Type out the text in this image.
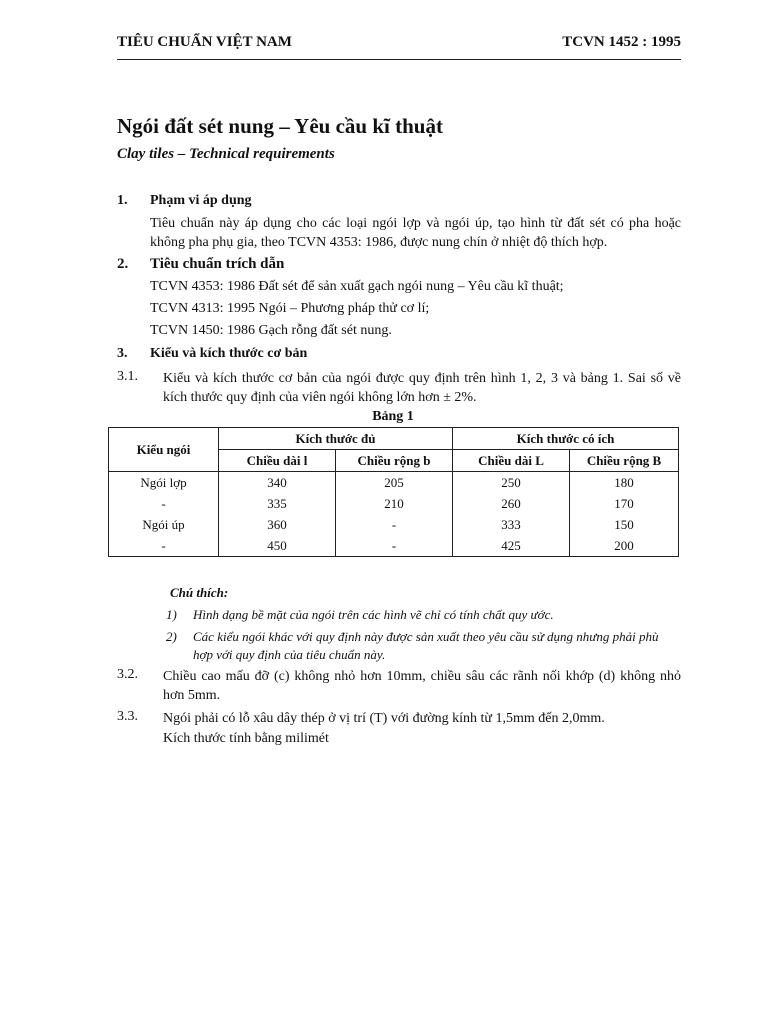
TIÊU CHUẨN VIỆT NAM	TCVN 1452 : 1995
Ngói đất sét nung – Yêu cầu kĩ thuật
Clay tiles – Technical requirements
1. Phạm vi áp dụng
Tiêu chuẩn này áp dụng cho các loại ngói lợp và ngói úp, tạo hình từ đất sét có pha hoặc không pha phụ gia, theo TCVN 4353: 1986, được nung chín ở nhiệt độ thích hợp.
2. Tiêu chuẩn trích dẫn
TCVN 4353: 1986 Đất sét để sản xuất gạch ngói nung – Yêu cầu kĩ thuật;
TCVN 4313: 1995 Ngói – Phương pháp thử cơ lí;
TCVN 1450: 1986 Gạch rỗng đất sét nung.
3. Kiểu và kích thước cơ bản
3.1. Kiểu và kích thước cơ bản của ngói được quy định trên hình 1, 2, 3 và bảng 1. Sai số về kích thước quy định của viên ngói không lớn hơn ± 2%.
Bảng 1
Kiểu ngói	Kích thước đủ		Kích thước có ích	
	Chiều dài l	Chiều rộng b	Chiều dài L	Chiều rộng B
Ngói lợp	340	205	250	180
-	335	210	260	170
Ngói úp	360	-	333	150
-	450	-	425	200
Chú thích:
1) Hình dạng bề mặt của ngói trên các hình vẽ chỉ có tính chất quy ước.
2) Các kiểu ngói khác với quy định này được sản xuất theo yêu cầu sử dụng nhưng phải phù hợp với quy định của tiêu chuẩn này.
3.2. Chiều cao mấu đỡ (c) không nhỏ hơn 10mm, chiều sâu các rãnh nối khớp (d) không nhỏ hơn 5mm.
3.3. Ngói phải có lỗ xâu dây thép ở vị trí (T) với đường kính từ 1,5mm đến 2,0mm.
Kích thước tính bằng milimét
